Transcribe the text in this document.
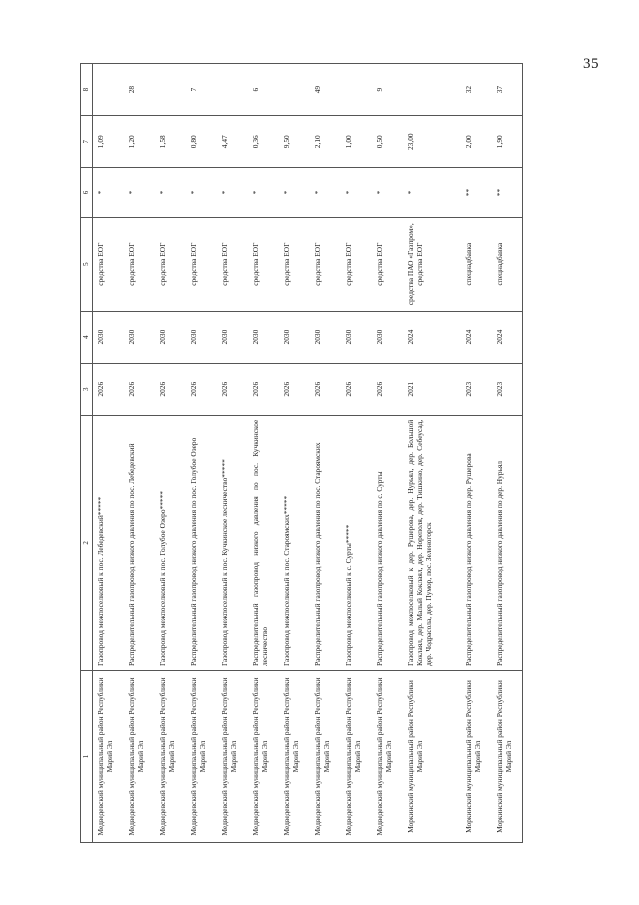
35
1	2	3	4	5	6	7	8
Медведевский муниципальный район Республики Марий Эл	Газопровод межпоселковый к пос. Лебедевский*****	2026	2030	средства ЕОГ	*	1,09	
Медведевский муниципальный район Республики Марий Эл	Распределительный газопровод низкого давления по пос. Лебедевский	2026	2030	средства ЕОГ	*	1,20	28
Медведевский муниципальный район Республики Марий Эл	Газопровод межпоселковый к пос. Голубое Озеро*****	2026	2030	средства ЕОГ	*	1,58	
Медведевский муниципальный район Республики Марий Эл	Распределительный газопровод низкого давления по пос. Голубое Озеро	2026	2030	средства ЕОГ	*	0,80	7
Медведевский муниципальный район Республики Марий Эл	Газопровод межпоселковый к пос. Кучкинское лесничество*****	2026	2030	средства ЕОГ	*	4,47	
Медведевский муниципальный район Республики Марий Эл	Распределительный газопровод низкого давления по пос. Кучкинское лесничество	2026	2030	средства ЕОГ	*	0,36	6
Медведевский муниципальный район Республики Марий Эл	Газопровод межпоселковый к пос. Староямских*****	2026	2030	средства ЕОГ	*	9,50	
Медведевский муниципальный район Республики Марий Эл	Распределительный газопровод низкого давления по пос. Староямских	2026	2030	средства ЕОГ	*	2,10	49
Медведевский муниципальный район Республики Марий Эл	Газопровод межпоселковый к с. Сурты*****	2026	2030	средства ЕОГ	*	1,00	
Медведевский муниципальный район Республики Марий Эл	Распределительный газопровод низкого давления по с. Сурты	2026	2030	средства ЕОГ	*	0,50	9
Моркинский муниципальный район Республики Марий Эл	Газопровод межпоселковый к дер. Рушерова, дер. Нурьял, дер. Большой Коклаял, дер. Малый Коклаял, дер. Нореполя, дер. Тишкино, дер. Себеусад, дер. Чодрасола, дер. Пумор, пос. Зеленогорск	2021	2024	средства ПАО «Газпром», средства ЕОГ	*	23,00	
Моркинский муниципальный район Республики Марий Эл	Распределительный газопровод низкого давления по дер. Рушерова	2023	2024	спецнадбавка	**	2,00	32
Моркинский муниципальный район Республики Марий Эл	Распределительный газопровод низкого давления по дер. Нурьял	2023	2024	спецнадбавка	**	1,90	37
